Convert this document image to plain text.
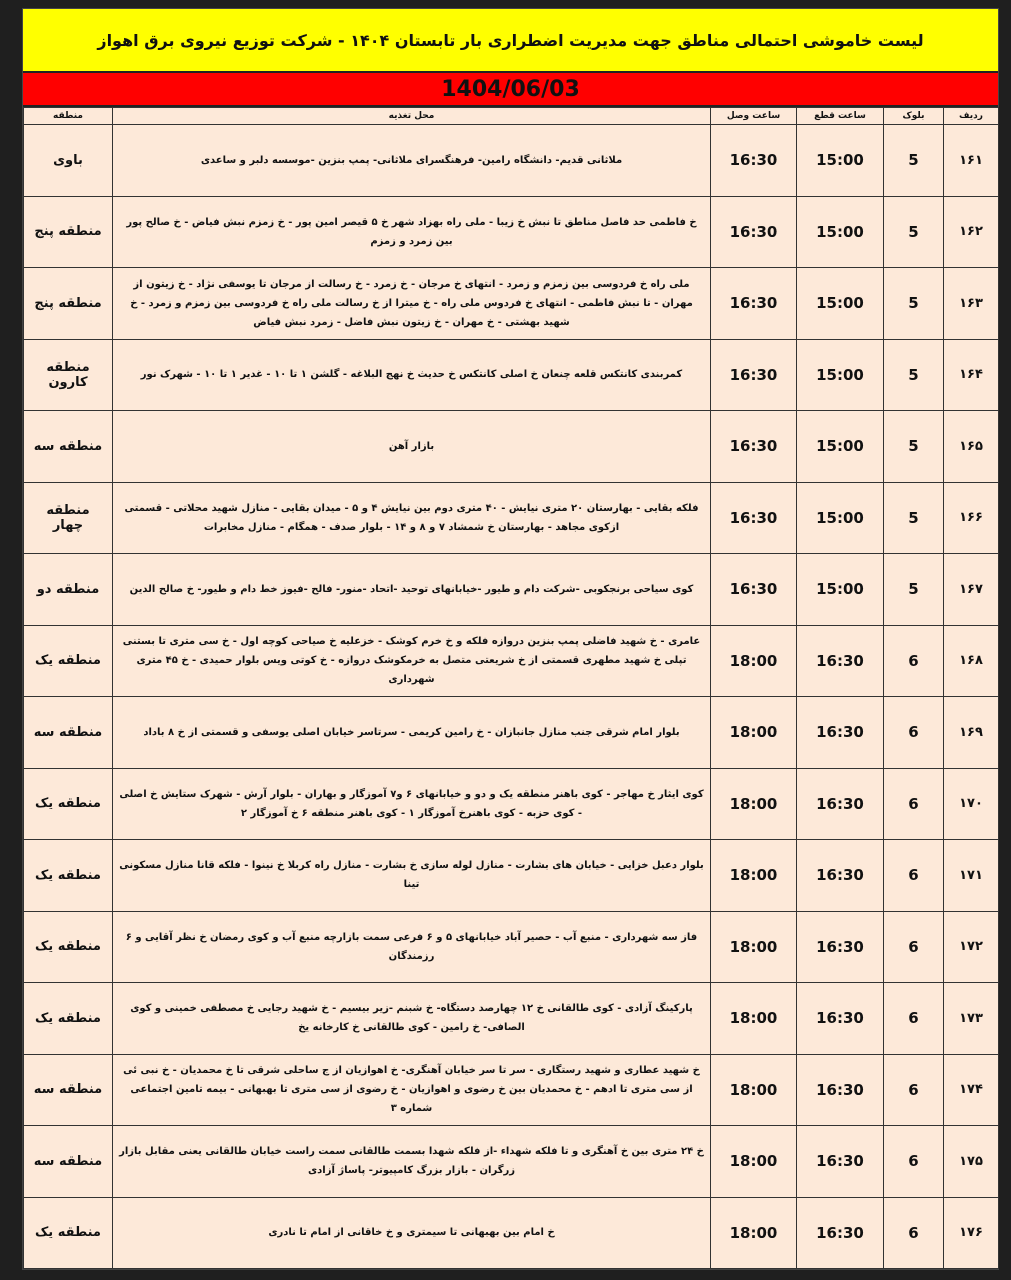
لیست خاموشی احتمالی مناطق جهت مدیریت اضطراری بار تابستان ۱۴۰۴ - شرکت توزیع نیروی برق اهواز
1404/06/03
ردیف	بلوک	ساعت قطع	ساعت وصل	محل تغذیه	منطقه
۱۶۱	5	15:00	16:30	ملاثانی قدیم- دانشگاه رامین- فرهنگسرای ملاثانی- پمپ بنزین -موسسه دلبر و ساعدی	باوی
۱۶۲	5	15:00	16:30	خ فاطمی حد فاصل مناطق تا نبش خ زیبا - ملی راه بهزاد شهر خ ۵ قیصر امین پور - خ زمزم نبش فیاض - خ صالح پور بین زمرد و زمزم	منطقه پنج
۱۶۳	5	15:00	16:30	ملی راه خ فردوسی بین زمزم و زمرد - انتهای خ مرجان - خ زمرد - خ رسالت از مرجان تا یوسفی نژاد - خ زیتون از مهران - تا نبش فاطمی - انتهای خ فردوس ملی راه - خ میترا از خ رسالت ملی راه خ فردوسی بین زمزم و زمرد - خ شهید بهشتی - خ مهران - خ زیتون نبش فاضل - زمرد نبش فیاض	منطقه پنج
۱۶۴	5	15:00	16:30	کمربندی کانتکس قلعه چنعان خ اصلی کانتکس خ حدیث خ نهج البلاغه - گلشن ۱ تا ۱۰ - غدیر ۱ تا ۱۰ - شهرک نور	منطقه کارون
۱۶۵	5	15:00	16:30	بازار آهن	منطقه سه
۱۶۶	5	15:00	16:30	فلکه بقایی - بهارستان ۲۰ متری نیایش - ۴۰ متری دوم بین نیایش ۴ و ۵ - میدان بقایی - منازل شهید محلاتی - قسمتی ازکوی مجاهد - بهارستان خ شمشاد ۷ و ۸ و ۱۴ - بلوار صدف - همگام - منازل مخابرات	منطقه چهار
۱۶۷	5	15:00	16:30	کوی سیاحی برنجکوبی -شرکت دام و طیور -خیابانهای توحید -اتحاد -منور- فالح -فیوز خط دام و طیور- خ صالح الدین	منطقه دو
۱۶۸	6	16:30	18:00	عامری - خ شهید فاضلی پمپ بنزین دروازه فلکه و خ خرم کوشک - خزعلیه خ صیاحی کوچه اول - خ سی متری تا بستنی تپلی خ شهید مطهری قسمتی از خ شریعتی متصل به خرمکوشک دروازه - خ کوتی ویس بلوار حمیدی - خ ۴۵ متری شهرداری	منطقه یک
۱۶۹	6	16:30	18:00	بلوار امام شرقی جنب منازل جانبازان - خ رامین کریمی - سرتاسر خیابان اصلی یوسفی و قسمتی از خ ۸ باداد	منطقه سه
۱۷۰	6	16:30	18:00	کوی ایثار خ مهاجر - کوی باهنر منطقه یک و دو و خیابانهای ۶ و۷ آموزگار و بهاران - بلوار آرش - شهرک ستایش خ اصلی - کوی حزبه - کوی باهنرخ آموزگار ۱ - کوی باهنر منطقه ۶ خ آموزگار ۲	منطقه یک
۱۷۱	6	16:30	18:00	بلوار دعبل خزایی - خیابان های بشارت - منازل لوله سازی خ بشارت - منازل راه کربلا خ نینوا - فلکه قانا منازل مسکونی تینا	منطقه یک
۱۷۲	6	16:30	18:00	فاز سه شهرداری - منبع آب - حصیر آباد خیابانهای ۵ و ۶ فرعی سمت بازارچه منبع آب و کوی رمضان خ نظر آقایی و ۶ رزمندگان	منطقه یک
۱۷۳	6	16:30	18:00	پارکینگ آزادی - کوی طالقانی خ ۱۲ چهارصد دستگاه- خ شبنم -زیر بیسیم - خ شهید رجایی خ مصطفی خمینی و کوی الصافی- خ رامین - کوی طالقانی خ کارخانه یخ	منطقه یک
۱۷۴	6	16:30	18:00	خ شهید عطاری و شهید رستگاری - سر تا سر خیابان آهنگری- خ اهوازیان از ج ساحلی شرقی تا خ محمدیان - خ نبی ئی از سی متری تا ادهم - خ محمدیان بین خ رضوی و اهوازیان - خ رضوی از سی متری تا بهبهانی - بیمه تامین اجتماعی شماره ۳	منطقه سه
۱۷۵	6	16:30	18:00	خ ۲۴ متری بین خ آهنگری و تا فلکه شهداء -از فلکه شهدا بسمت طالقانی سمت راست خیابان طالقانی یعنی مقابل بازار زرگران - بازار بزرگ کامپیوتر- پاساژ آزادی	منطقه سه
۱۷۶	6	16:30	18:00	خ امام بین بهبهانی تا سیمتری و خ خاقانی از امام تا نادری	منطقه یک
